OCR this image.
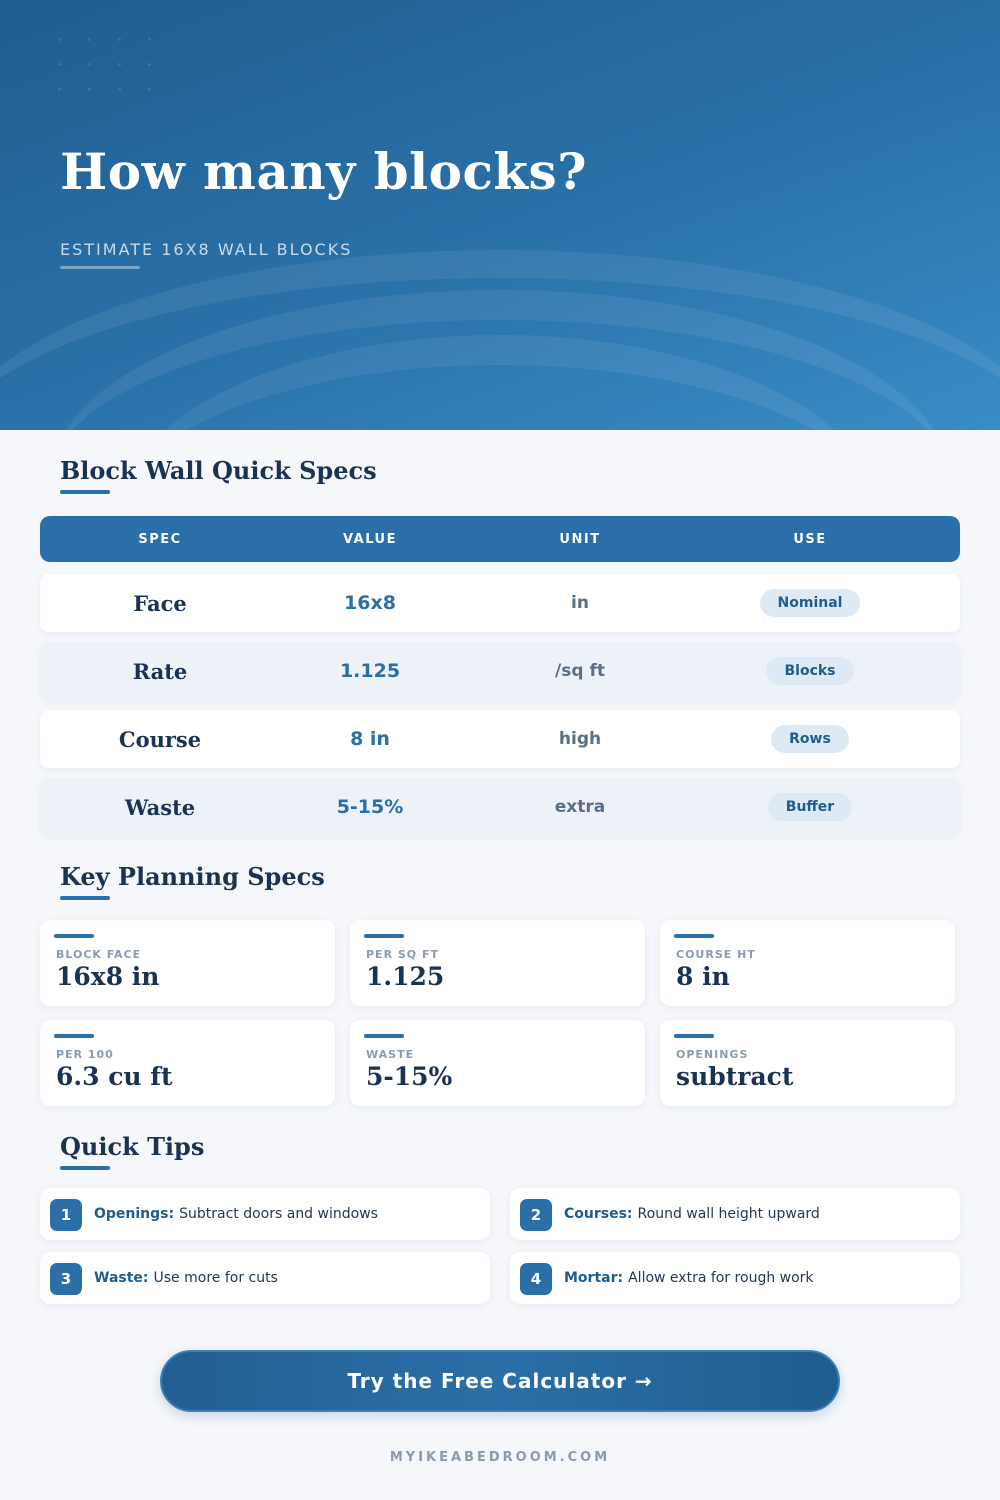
How many blocks?
ESTIMATE 16X8 WALL BLOCKS
Block Wall Quick Specs
SPEC	VALUE	UNIT	USE
Face	16x8	in	Nominal
Rate	1.125	/sq ft	Blocks
Course	8 in	high	Rows
Waste	5-15%	extra	Buffer
Key Planning Specs
BLOCK FACE
16x8 in
PER SQ FT
1.125
COURSE HT
8 in
PER 100
6.3 cu ft
WASTE
5-15%
OPENINGS
subtract
Quick Tips
1	Openings: Subtract doors and windows	2	Courses: Round wall height upward
3	Waste: Use more for cuts	4	Mortar: Allow extra for rough work
Try the Free Calculator →
MYIKEABEDROOM.COM
